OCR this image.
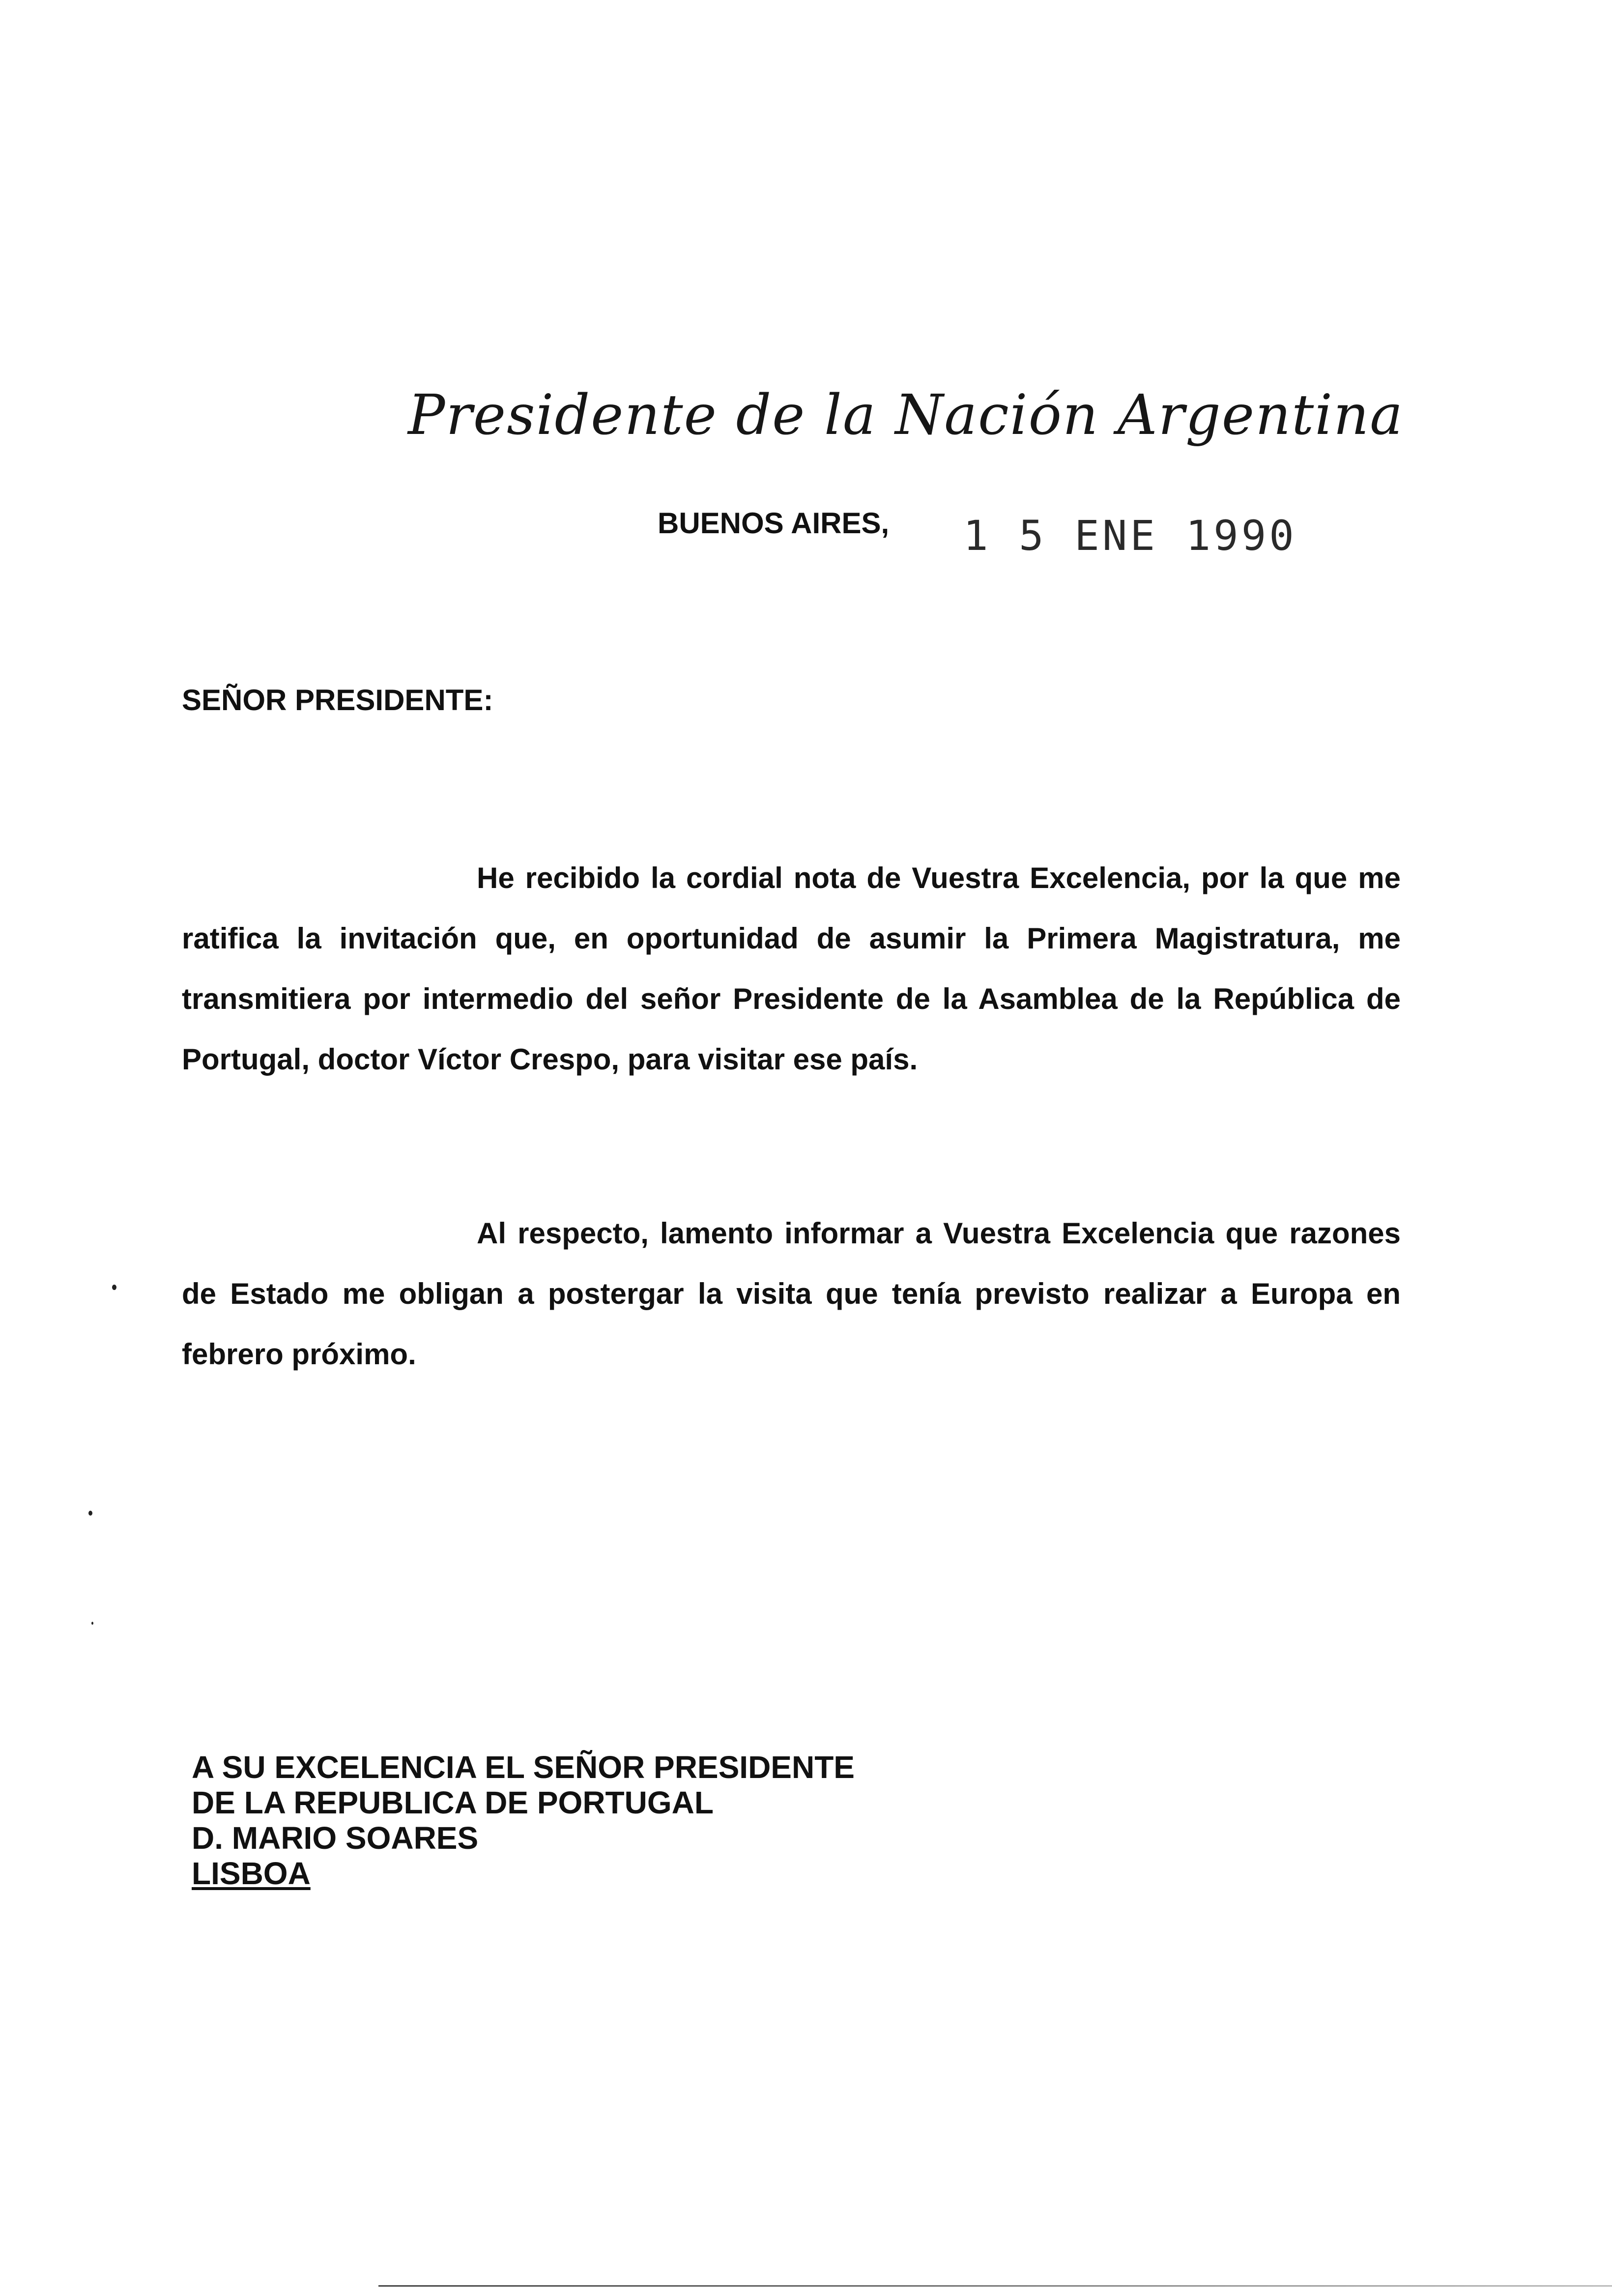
Presidente de la Nación Argentina
BUENOS AIRES, 1 5 ENE 1990
SEÑOR PRESIDENTE:

He recibido la cordial nota de Vuestra Excelencia, por la que me ratifica la invitación que, en oportunidad de asumir la Primera Magistratura, me transmitiera por intermedio del señor Presidente de la Asamblea de la República de Portugal, doctor Víctor Crespo, para visitar ese país.

Al respecto, lamento informar a Vuestra Excelencia que razones de Estado me obligan a postergar la visita que tenía previsto realizar a Europa en febrero próximo.

A SU EXCELENCIA EL SEÑOR PRESIDENTE
DE LA REPUBLICA DE PORTUGAL
D. MARIO SOARES
LISBOA
